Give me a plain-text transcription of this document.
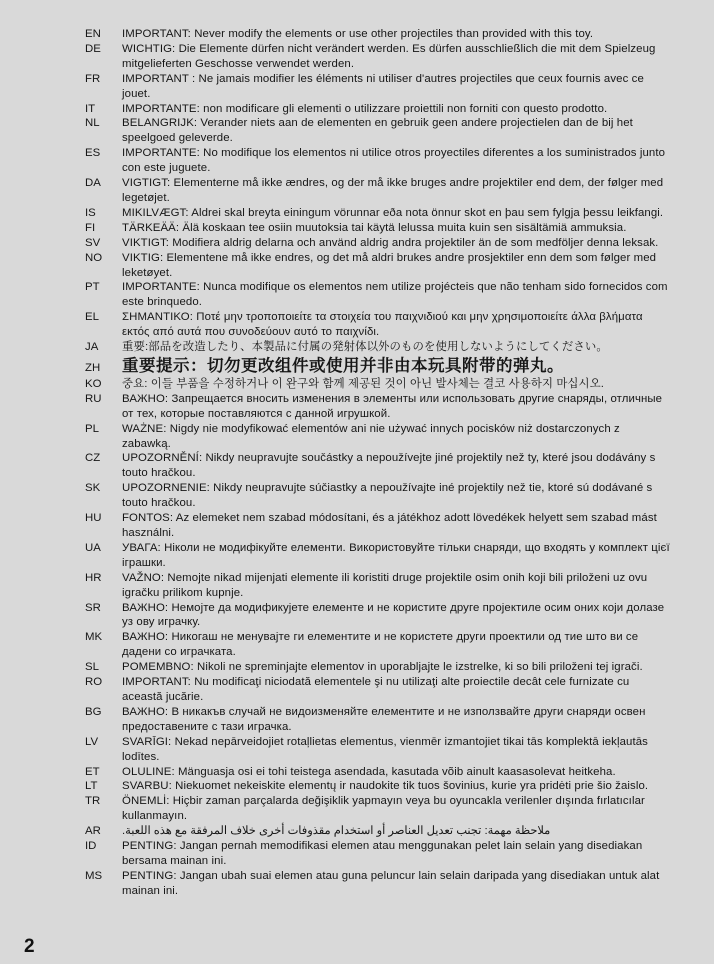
EN	IMPORTANT: Never modify the elements or use other projectiles than provided with this toy.
DE	WICHTIG: Die Elemente dürfen nicht verändert werden. Es dürfen ausschließlich die mit dem Spielzeug mitgelieferten Geschosse verwendet werden.
FR	IMPORTANT : Ne jamais modifier les éléments ni utiliser d'autres projectiles que ceux fournis avec ce jouet.
IT	IMPORTANTE: non modificare gli elementi o utilizzare proiettili non forniti con questo prodotto.
NL	BELANGRIJK: Verander niets aan de elementen en gebruik geen andere projectielen dan de bij het speelgoed geleverde.
ES	IMPORTANTE: No modifique los elementos ni utilice otros proyectiles diferentes a los suministrados junto con este juguete.
DA	VIGTIGT: Elementerne må ikke ændres, og der må ikke bruges andre projektiler end dem, der følger med legetøjet.
IS	MIKILVÆGT: Aldrei skal breyta einingum vörunnar eða nota önnur skot en þau sem fylgja þessu leikfangi.
FI	TÄRKEÄÄ: Älä koskaan tee osiin muutoksia tai käytä lelussa muita kuin sen sisältämiä ammuksia.
SV	VIKTIGT: Modifiera aldrig delarna och använd aldrig andra projektiler än de som medföljer denna leksak.
NO	VIKTIG: Elementene må ikke endres, og det må aldri brukes andre prosjektiler enn dem som følger med leketøyet.
PT	IMPORTANTE: Nunca modifique os elementos nem utilize projécteis que não tenham sido fornecidos com este brinquedo.
EL	ΣΗΜΑΝΤΙΚΟ: Ποτέ μην τροποποιείτε τα στοιχεία του παιχνιδιού και μην χρησιμοποιείτε άλλα βλήματα εκτός από αυτά που συνοδεύουν αυτό το παιχνίδι.
JA	重要:部品を改造したり、本製品に付属の発射体以外のものを使用しないようにしてください。
ZH	重要提示：切勿更改组件或使用并非由本玩具附带的弹丸。
KO	중요: 이들 부품을 수정하거나 이 완구와 함께 제공된 것이 아닌 발사체는 결코 사용하지 마십시오.
RU	ВАЖНО: Запрещается вносить изменения в элементы или использовать другие снаряды, отличные от тех, которые поставляются с данной игрушкой.
PL	WAŻNE: Nigdy nie modyfikować elementów ani nie używać innych pocisków niż dostarczonych z zabawką.
CZ	UPOZORNĚNÍ: Nikdy neupravujte součástky a nepoužívejte jiné projektily než ty, které jsou dodávány s touto hračkou.
SK	UPOZORNENIE: Nikdy neupravujte súčiastky a nepoužívajte iné projektily než tie, ktoré sú dodávané s touto hračkou.
HU	FONTOS: Az elemeket nem szabad módosítani, és a játékhoz adott lövedékek helyett sem szabad mást használni.
UA	УВАГА: Ніколи не модифікуйте елементи. Використовуйте тільки снаряди, що входять у комплект цієї іграшки.
HR	VAŽNO: Nemojte nikad mijenjati elemente ili koristiti druge projektile osim onih koji bili priloženi uz ovu igračku prilikom kupnje.
SR	ВАЖНО: Немојте да модификујете елементе и не користите друге пројектиле осим оних који долазе уз ову играчку.
MK	ВАЖНО: Никогаш не менувајте ги елементите и не користете други проектили од тие што ви се дадени со играчката.
SL	POMEMBNO: Nikoli ne spreminjajte elementov in uporabljajte le izstrelke, ki so bili priloženi tej igrači.
RO	IMPORTANT: Nu modificaţi niciodată elementele şi nu utilizaţi alte proiectile decât cele furnizate cu această jucărie.
BG	ВАЖНО: В никакъв случай не видоизменяйте елементите и не използвайте други снаряди освен предоставените с тази играчка.
LV	SVARĪGI: Nekad nepārveidojiet rotaļlietas elementus, vienmēr izmantojiet tikai tās komplektā iekļautās lodītes.
ET	OLULINE: Mänguasja osi ei tohi teistega asendada, kasutada võib ainult kaasasolevat heitkeha.
LT	SVARBU: Niekuomet nekeiskite elementų ir naudokite tik tuos šovinius, kurie yra pridėti prie šio žaislo.
TR	ÖNEMLİ: Hiçbir zaman parçalarda değişiklik yapmayın veya bu oyuncakla verilenler dışında fırlatıcılar kullanmayın.
AR	ملاحظة مهمة: تجنب تعديل العناصر أو استخدام مقذوفات أخرى خلاف المرفقة مع هذه اللعبة.
ID	PENTING: Jangan pernah memodifikasi elemen atau menggunakan pelet lain selain yang disediakan bersama mainan ini.
MS	PENTING: Jangan ubah suai elemen atau guna peluncur lain selain daripada yang disediakan untuk alat mainan ini.
2
